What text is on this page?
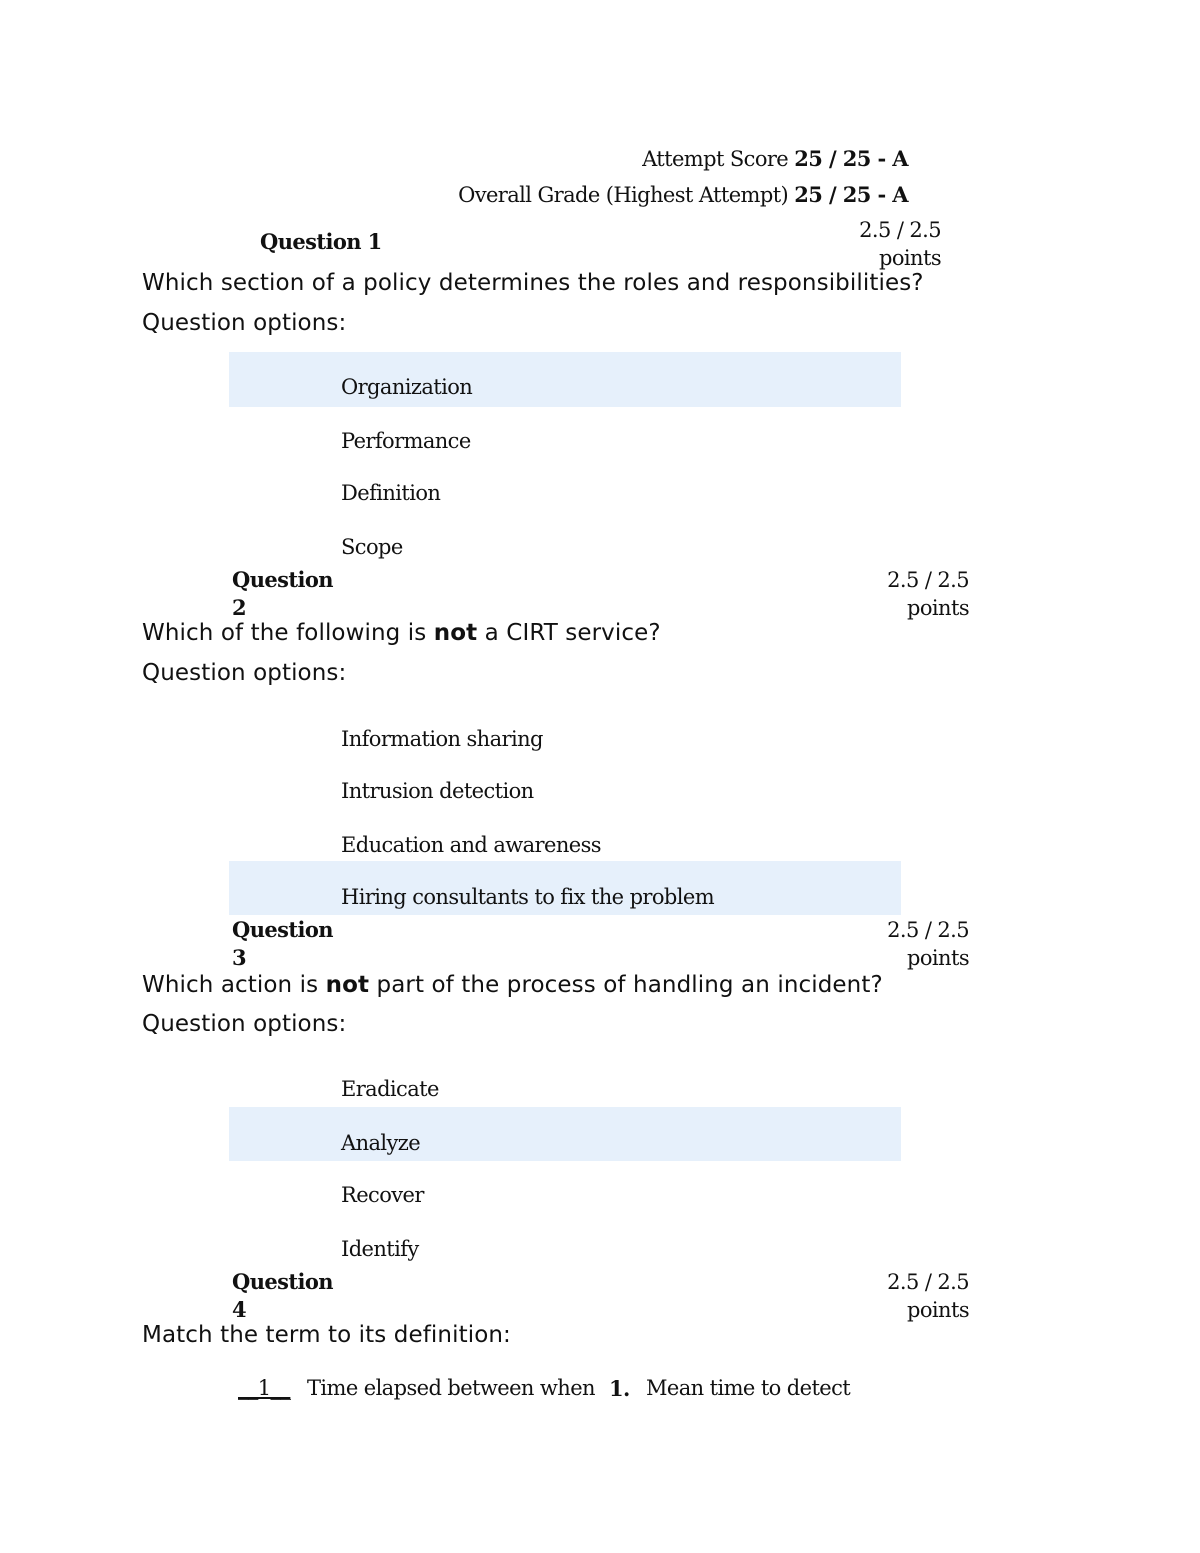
Attempt Score 25 / 25 - A
Overall Grade (Highest Attempt) 25 / 25 - A
Question 1	2.5 / 2.5
points
Which section of a policy determines the roles and responsibilities?
Question options:
Organization
Performance
Definition
Scope
Question
2
2.5 / 2.5
points
Which of the following is not a CIRT service?
Question options:
Information sharing
Intrusion detection
Education and awareness
Hiring consultants to fix the problem
Question
3
2.5 / 2.5
points
Which action is not part of the process of handling an incident?
Question options:
Eradicate
Analyze
Recover
Identify
Question
4
2.5 / 2.5
points
Match the term to its definition:
__1__ Time elapsed between when 1. Mean time to detect
